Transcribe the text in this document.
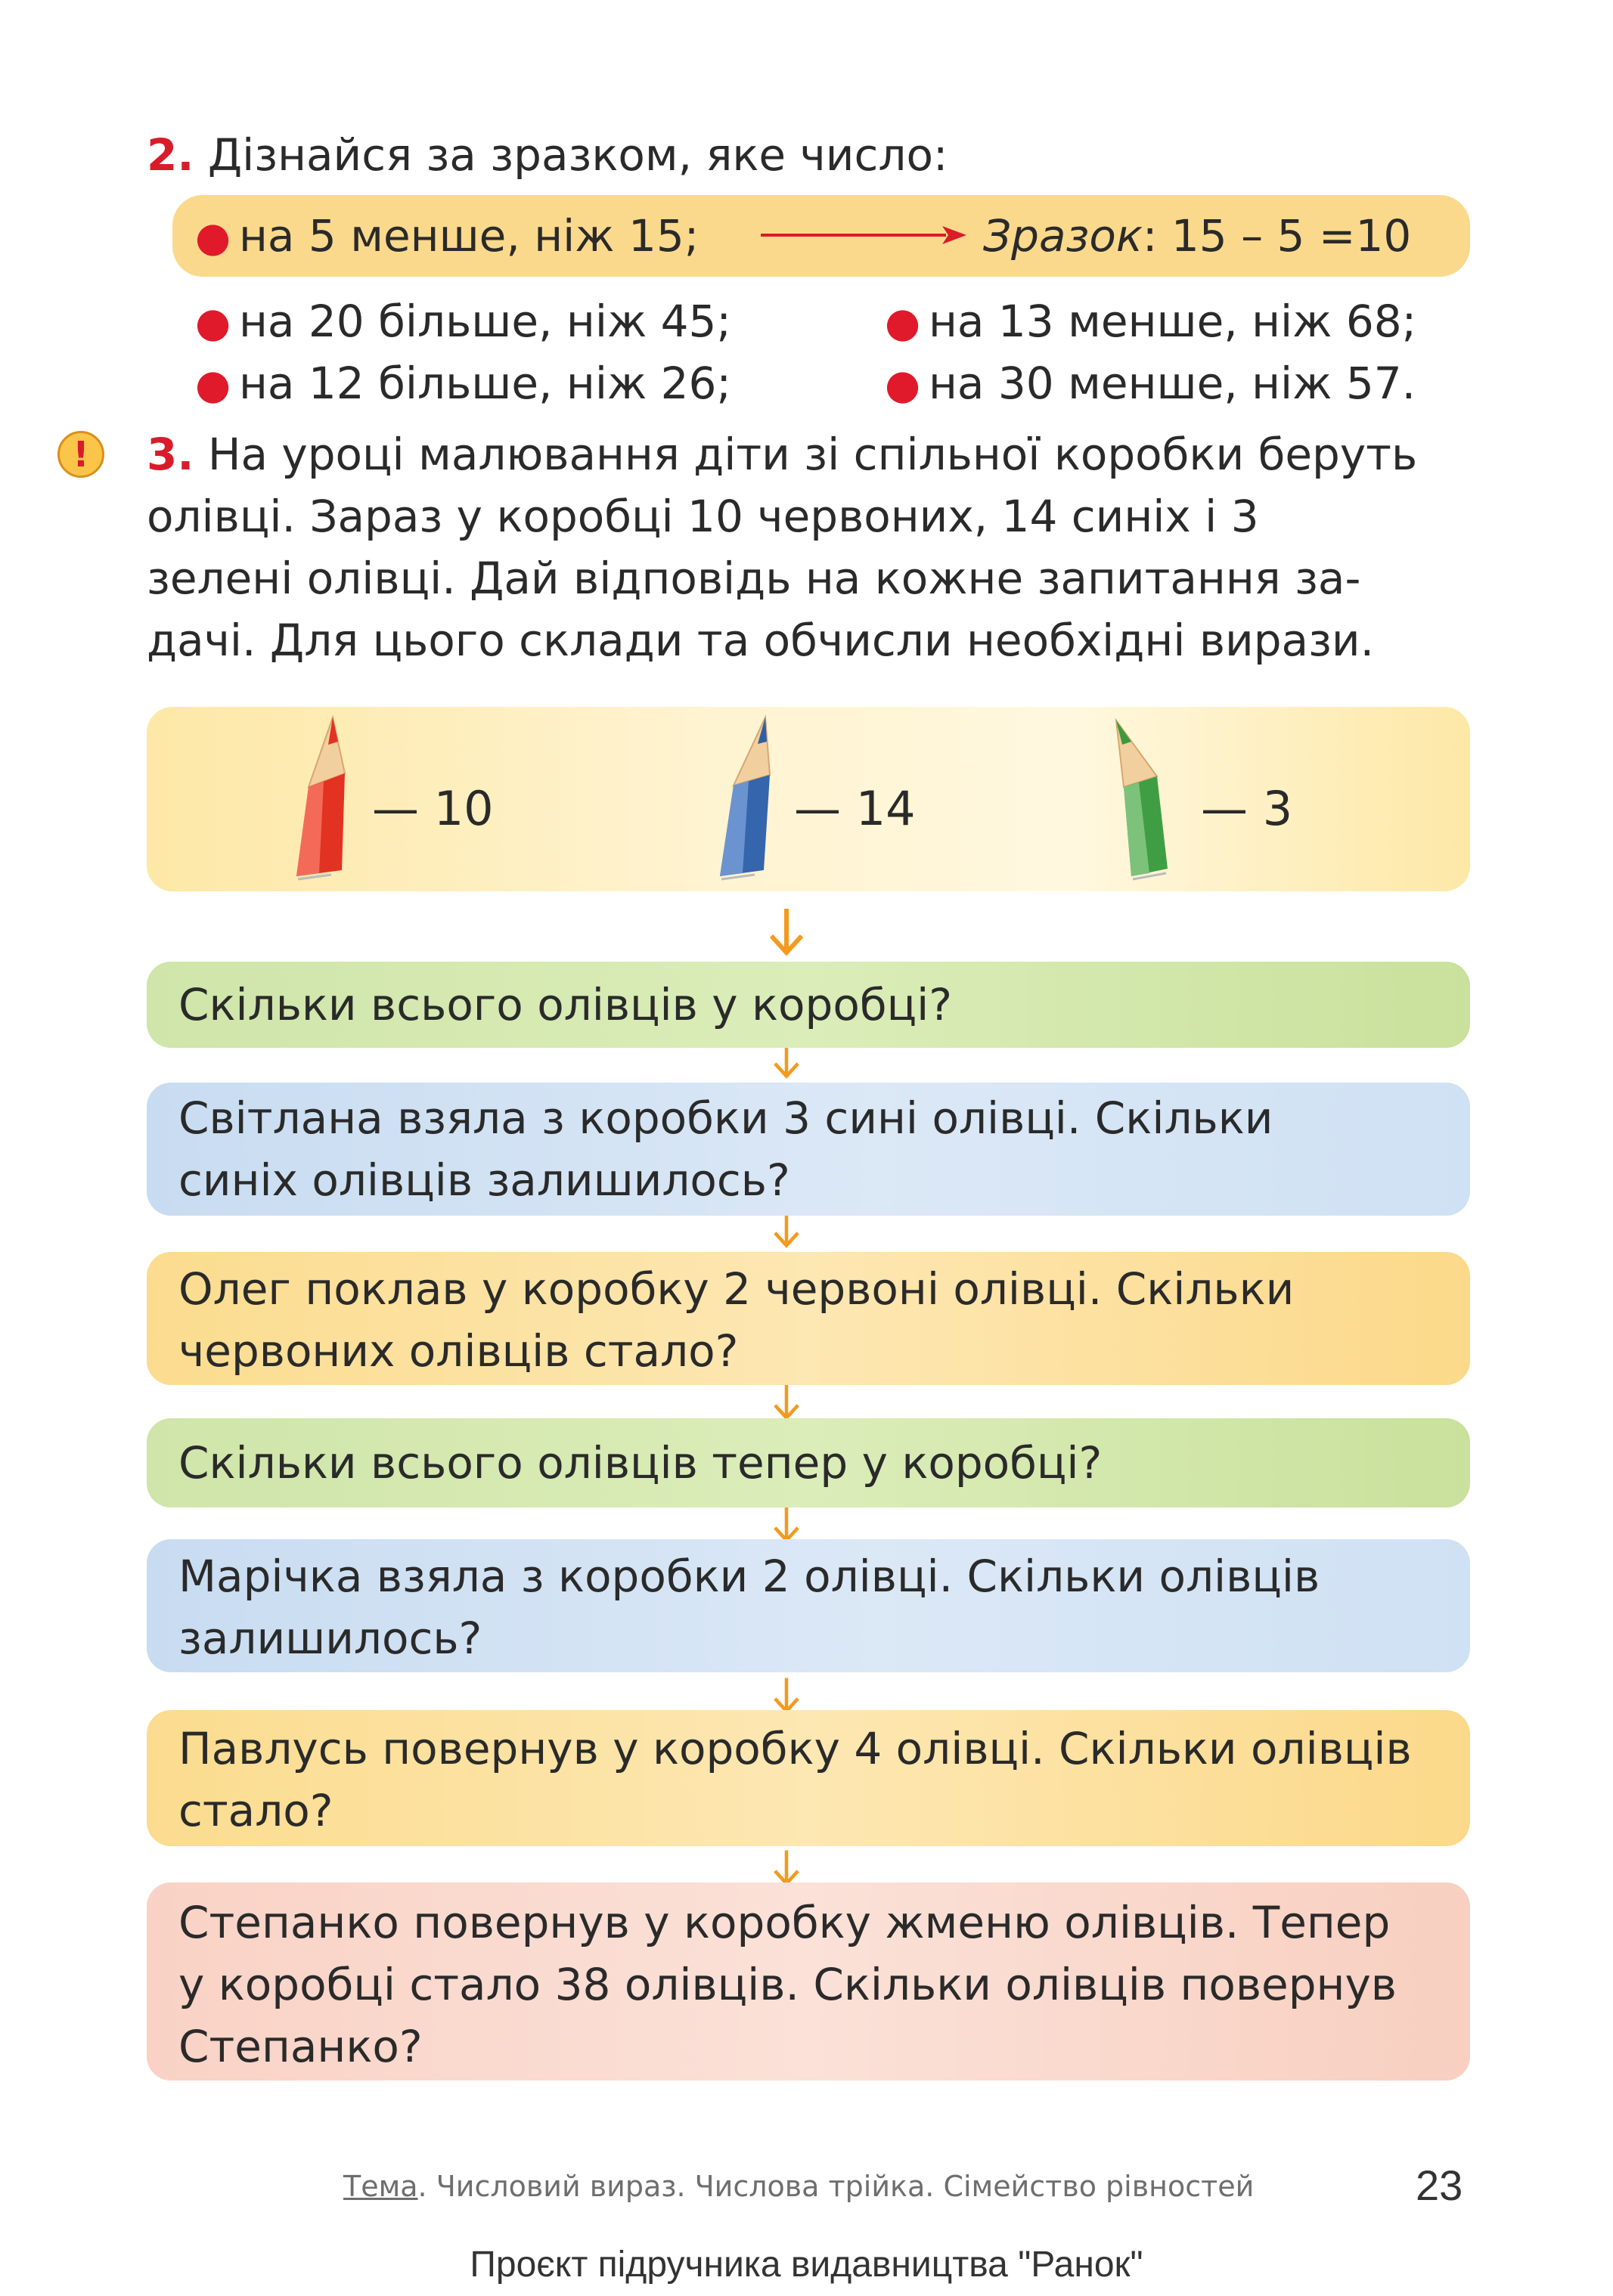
2. Дізнайся за зразком, яке число:
● на 5 менше, ніж 15;	Зразок: 15 – 5 =10
● на 20 більше, ніж 45;
● на 12 більше, ніж 26;
● на 13 менше, ніж 68;
● на 30 менше, ніж 57.
!	3. На уроці малювання діти зі спільної коробки беруть
олівці. Зараз у коробці 10 червоних, 14 синіх і 3
зелені олівці. Дай відповідь на кожне запитання за-
дачі. Для цього склади та обчисли необхідні вирази.
— 10	— 14	— 3
Скільки всього олівців у коробці?
Світлана взяла з коробки 3 сині олівці. Скільки
синіх олівців залишилось?
Олег поклав у коробку 2 червоні олівці. Скільки
червоних олівців стало?
Скільки всього олівців тепер у коробці?
Марічка взяла з коробки 2 олівці. Скільки олівців
залишилось?
Павлусь повернув у коробку 4 олівці. Скільки олівців
стало?
Степанко повернув у коробку жменю олівців. Тепер
у коробці стало 38 олівців. Скільки олівців повернув
Степанко?
Тема. Числовий вираз. Числова трійка. Сімейство рівностей	23
Проєкт підручника видавництва "Ранок"
